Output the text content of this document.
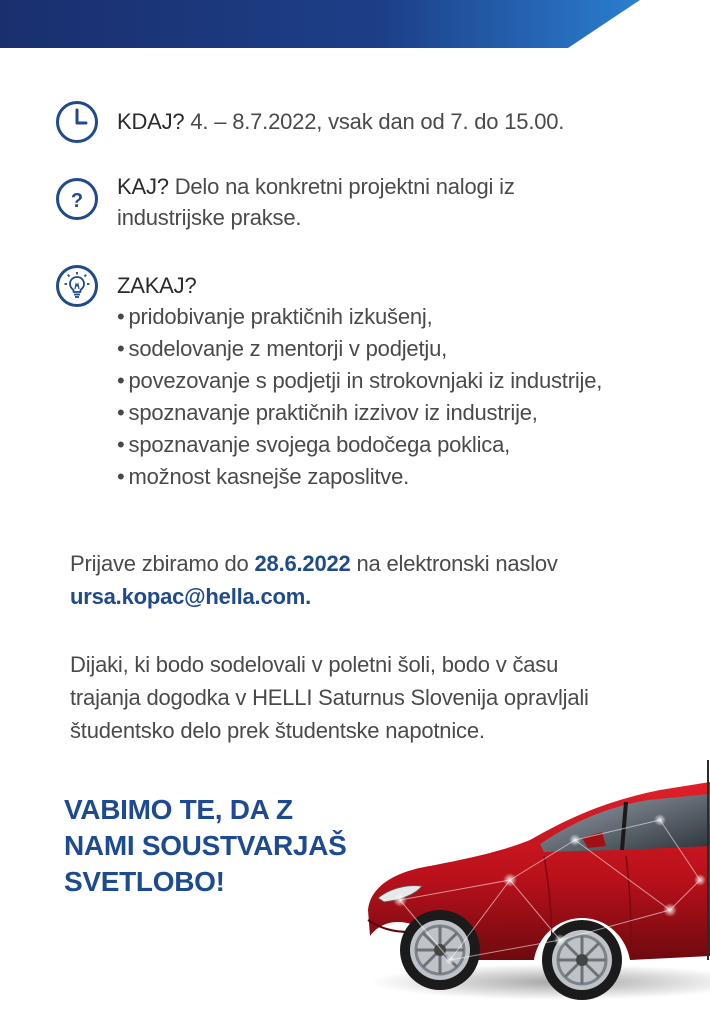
KDAJ? 4. – 8.7.2022, vsak dan od 7. do 15.00.
?
KAJ? Delo na konkretni projektni nalogi iz
industrijske prakse.
ZAKAJ?
• pridobivanje praktičnih izkušenj,
• sodelovanje z mentorji v podjetju,
• povezovanje s podjetji in strokovnjaki iz industrije,
• spoznavanje praktičnih izzivov iz industrije,
• spoznavanje svojega bodočega poklica,
• možnost kasnejše zaposlitve.
Prijave zbiramo do 28.6.2022 na elektronski naslov
ursa.kopac@hella.com.
Dijaki, ki bodo sodelovali v poletni šoli, bodo v času
trajanja dogodka v HELLI Saturnus Slovenija opravljali
študentsko delo prek študentske napotnice.
VABIMO TE, DA Z
NAMI SOUSTVARJAŠ
SVETLOBO!
